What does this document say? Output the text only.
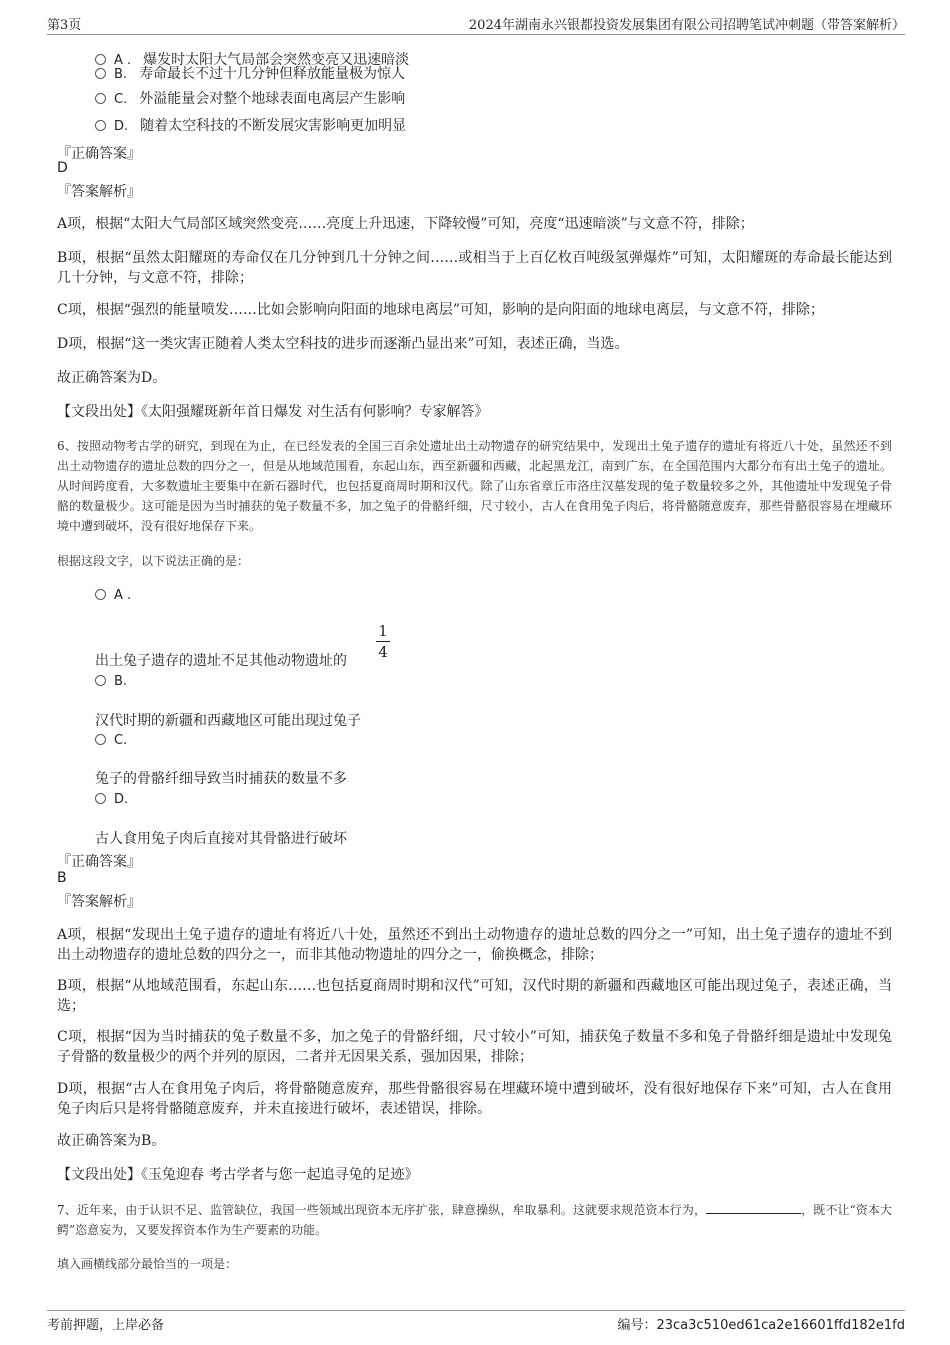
第3页	2024年湖南永兴银都投资发展集团有限公司招聘笔试冲刺题（带答案解析）
A . 爆发时太阳大气局部会突然变亮又迅速暗淡
B. 寿命最长不过十几分钟但释放能量极为惊人
C. 外溢能量会对整个地球表面电离层产生影响
D. 随着太空科技的不断发展灾害影响更加明显
『正确答案』
D
『答案解析』
A项，根据“太阳大气局部区域突然变亮……亮度上升迅速，下降较慢”可知，亮度“迅速暗淡”与文意不符，排除；
B项，根据“虽然太阳耀斑的寿命仅在几分钟到几十分钟之间……或相当于上百亿枚百吨级氢弹爆炸”可知，太阳耀斑的寿命最长能达到几十分钟，与文意不符，排除；
C项，根据“强烈的能量喷发……比如会影响向阳面的地球电离层”可知，影响的是向阳面的地球电离层，与文意不符，排除；
D项，根据“这一类灾害正随着人类太空科技的进步而逐渐凸显出来”可知，表述正确，当选。
故正确答案为D。
【文段出处】《太阳强耀斑新年首日爆发 对生活有何影响？专家解答》
6、按照动物考古学的研究，到现在为止，在已经发表的全国三百余处遗址出土动物遗存的研究结果中，发现出土兔子遗存的遗址有将近八十处，虽然还不到出土动物遗存的遗址总数的四分之一，但是从地域范围看，东起山东，西至新疆和西藏，北起黑龙江，南到广东，在全国范围内大都分布有出土兔子的遗址。从时间跨度看，大多数遗址主要集中在新石器时代，也包括夏商周时期和汉代。除了山东省章丘市洛庄汉墓发现的兔子数量较多之外，其他遗址中发现兔子骨骼的数量极少。这可能是因为当时捕获的兔子数量不多，加之兔子的骨骼纤细，尺寸较小，古人在食用兔子肉后，将骨骼随意废弃，那些骨骼很容易在埋藏环境中遭到破坏，没有很好地保存下来。
根据这段文字，以下说法正确的是：
A .
出土兔子遗存的遗址不足其他动物遗址的
1
4
B.
汉代时期的新疆和西藏地区可能出现过兔子
C.
兔子的骨骼纤细导致当时捕获的数量不多
D.
古人食用兔子肉后直接对其骨骼进行破坏
『正确答案』
B
『答案解析』
A项，根据“发现出土兔子遗存的遗址有将近八十处，虽然还不到出土动物遗存的遗址总数的四分之一”可知，出土兔子遗存的遗址不到出土动物遗存的遗址总数的四分之一，而非其他动物遗址的四分之一，偷换概念，排除；
B项，根据“从地域范围看，东起山东……也包括夏商周时期和汉代”可知，汉代时期的新疆和西藏地区可能出现过兔子，表述正确，当选；
C项，根据“因为当时捕获的兔子数量不多，加之兔子的骨骼纤细，尺寸较小”可知，捕获兔子数量不多和兔子骨骼纤细是遗址中发现兔子骨骼的数量极少的两个并列的原因，二者并无因果关系，强加因果，排除；
D项，根据“古人在食用兔子肉后，将骨骼随意废弃，那些骨骼很容易在埋藏环境中遭到破坏，没有很好地保存下来”可知，古人在食用兔子肉后只是将骨骼随意废弃，并未直接进行破坏，表述错误，排除。
故正确答案为B。
【文段出处】《玉兔迎春 考古学者与您一起追寻兔的足迹》
7、近年来，由于认识不足、监管缺位，我国一些领域出现资本无序扩张，肆意操纵，牟取暴利。这就要求规范资本行为，	，既不让“资本大鳄”恣意妄为，又要发挥资本作为生产要素的功能。
填入画横线部分最恰当的一项是：
考前押题，上岸必备	编号：23ca3c510ed61ca2e16601ffd182e1fd
